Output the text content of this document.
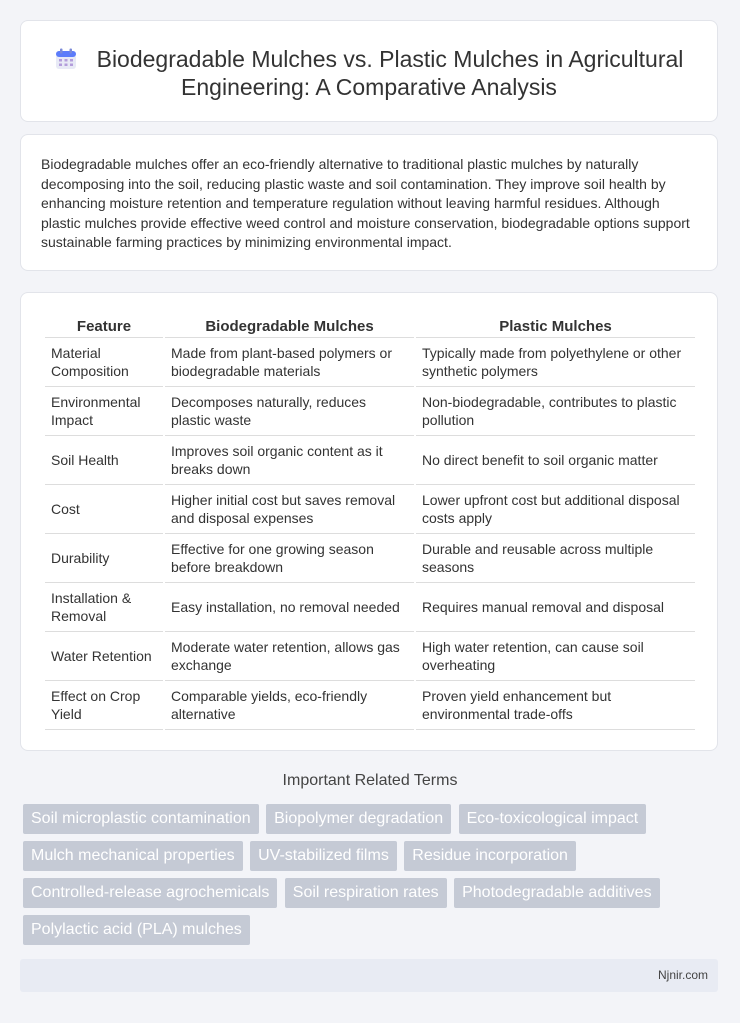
Biodegradable Mulches vs. Plastic Mulches in Agricultural Engineering: A Comparative Analysis
Biodegradable mulches offer an eco-friendly alternative to traditional plastic mulches by naturally decomposing into the soil, reducing plastic waste and soil contamination. They improve soil health by enhancing moisture retention and temperature regulation without leaving harmful residues. Although plastic mulches provide effective weed control and moisture conservation, biodegradable options support sustainable farming practices by minimizing environmental impact.
Feature	Biodegradable Mulches	Plastic Mulches
Material Composition	Made from plant-based polymers or biodegradable materials	Typically made from polyethylene or other synthetic polymers
Environmental Impact	Decomposes naturally, reduces plastic waste	Non-biodegradable, contributes to plastic pollution
Soil Health	Improves soil organic content as it breaks down	No direct benefit to soil organic matter
Cost	Higher initial cost but saves removal and disposal expenses	Lower upfront cost but additional disposal costs apply
Durability	Effective for one growing season before breakdown	Durable and reusable across multiple seasons
Installation & Removal	Easy installation, no removal needed	Requires manual removal and disposal
Water Retention	Moderate water retention, allows gas exchange	High water retention, can cause soil overheating
Effect on Crop Yield	Comparable yields, eco-friendly alternative	Proven yield enhancement but environmental trade-offs
Important Related Terms
Soil microplastic contamination Biopolymer degradation Eco-toxicological impact Mulch mechanical properties UV-stabilized films Residue incorporation Controlled-release agrochemicals Soil respiration rates Photodegradable additives Polylactic acid (PLA) mulches
Njnir.com
